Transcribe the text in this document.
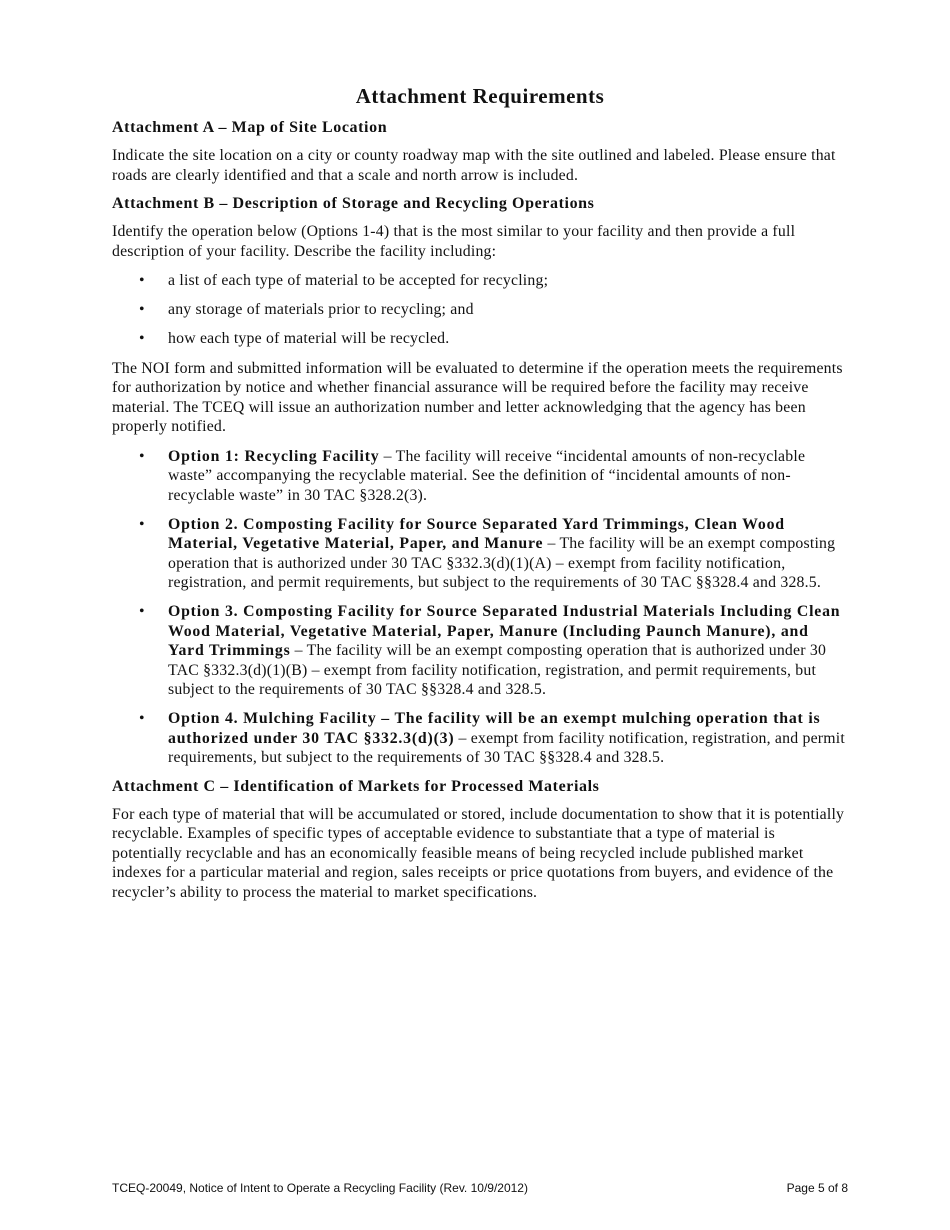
Attachment Requirements
Attachment A – Map of Site Location

Indicate the site location on a city or county roadway map with the site outlined and labeled. Please ensure that roads are clearly identified and that a scale and north arrow is included.

Attachment B – Description of Storage and Recycling Operations

Identify the operation below (Options 1-4) that is the most similar to your facility and then provide a full description of your facility. Describe the facility including:

• a list of each type of material to be accepted for recycling;
• any storage of materials prior to recycling; and
• how each type of material will be recycled.

The NOI form and submitted information will be evaluated to determine if the operation meets the requirements for authorization by notice and whether financial assurance will be required before the facility may receive material. The TCEQ will issue an authorization number and letter acknowledging that the agency has been properly notified.

• Option 1: Recycling Facility – The facility will receive “incidental amounts of non-recyclable waste” accompanying the recyclable material. See the definition of “incidental amounts of non-recyclable waste” in 30 TAC §328.2(3).
• Option 2. Composting Facility for Source Separated Yard Trimmings, Clean Wood Material, Vegetative Material, Paper, and Manure – The facility will be an exempt composting operation that is authorized under 30 TAC §332.3(d)(1)(A) – exempt from facility notification, registration, and permit requirements, but subject to the requirements of 30 TAC §§328.4 and 328.5.
• Option 3. Composting Facility for Source Separated Industrial Materials Including Clean Wood Material, Vegetative Material, Paper, Manure (Including Paunch Manure), and Yard Trimmings – The facility will be an exempt composting operation that is authorized under 30 TAC §332.3(d)(1)(B) – exempt from facility notification, registration, and permit requirements, but subject to the requirements of 30 TAC §§328.4 and 328.5.
• Option 4. Mulching Facility – The facility will be an exempt mulching operation that is authorized under 30 TAC §332.3(d)(3) – exempt from facility notification, registration, and permit requirements, but subject to the requirements of 30 TAC §§328.4 and 328.5.
Attachment C – Identification of Markets for Processed Materials

For each type of material that will be accumulated or stored, include documentation to show that it is potentially recyclable. Examples of specific types of acceptable evidence to substantiate that a type of material is potentially recyclable and has an economically feasible means of being recycled include published market indexes for a particular material and region, sales receipts or price quotations from buyers, and evidence of the recycler’s ability to process the material to market specifications.

TCEQ-20049, Notice of Intent to Operate a Recycling Facility (Rev. 10/9/2012)	Page 5 of 8
